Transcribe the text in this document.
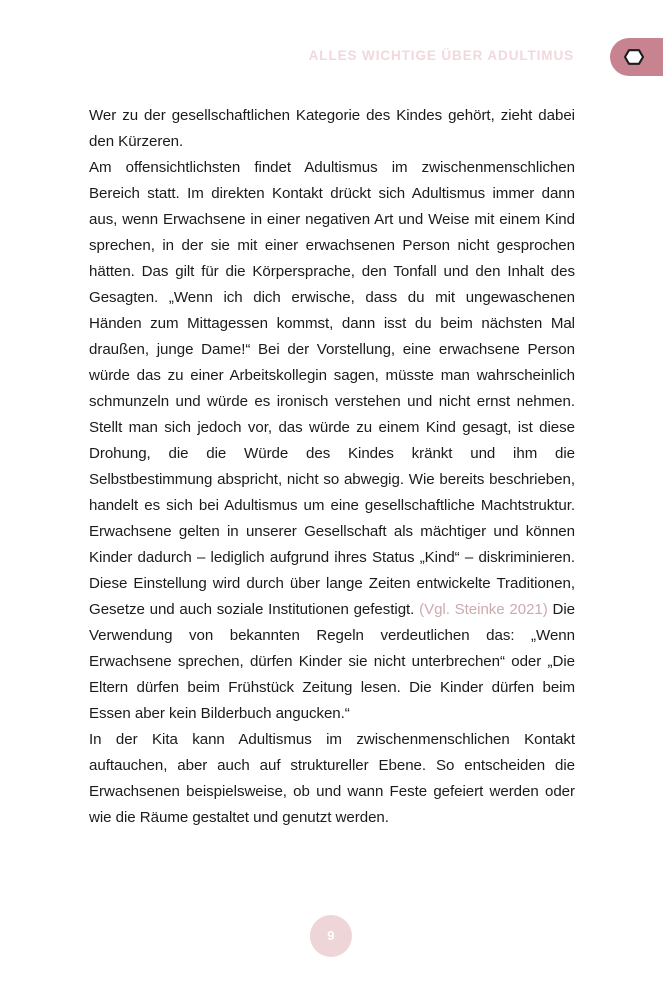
ALLES WICHTIGE ÜBER ADULTIMUS

Wer zu der gesellschaftlichen Kategorie des Kindes gehört, zieht dabei den Kürzeren.

Am offensichtlichsten findet Adultismus im zwischenmenschlichen Bereich statt. Im direkten Kontakt drückt sich Adultismus immer dann aus, wenn Erwachsene in einer negativen Art und Weise mit einem Kind sprechen, in der sie mit einer erwachsenen Person nicht gesprochen hätten. Das gilt für die Körpersprache, den Tonfall und den Inhalt des Gesagten. „Wenn ich dich erwische, dass du mit ungewaschenen Händen zum Mittagessen kommst, dann isst du beim nächsten Mal draußen, junge Dame!“ Bei der Vorstellung, eine erwachsene Person würde das zu einer Arbeitskollegin sagen, müsste man wahrscheinlich schmunzeln und würde es ironisch verstehen und nicht ernst nehmen. Stellt man sich jedoch vor, das würde zu einem Kind gesagt, ist diese Drohung, die die Würde des Kindes kränkt und ihm die Selbstbestimmung abspricht, nicht so abwegig. Wie bereits beschrieben, handelt es sich bei Adultismus um eine gesellschaftliche Machtstruktur. Erwachsene gelten in unserer Gesellschaft als mächtiger und können Kinder dadurch – lediglich aufgrund ihres Status „Kind“ – diskriminieren. Diese Einstellung wird durch über lange Zeiten entwickelte Traditionen, Gesetze und auch soziale Institutionen gefestigt. (Vgl. Steinke 2021) Die Verwendung von bekannten Regeln verdeutlichen das: „Wenn Erwachsene sprechen, dürfen Kinder sie nicht unterbrechen“ oder „Die Eltern dürfen beim Frühstück Zeitung lesen. Die Kinder dürfen beim Essen aber kein Bilderbuch angucken.“

In der Kita kann Adultismus im zwischenmenschlichen Kontakt auftauchen, aber auch auf struktureller Ebene. So entscheiden die Erwachsenen beispielsweise, ob und wann Feste gefeiert werden oder wie die Räume gestaltet und genutzt werden.

9
